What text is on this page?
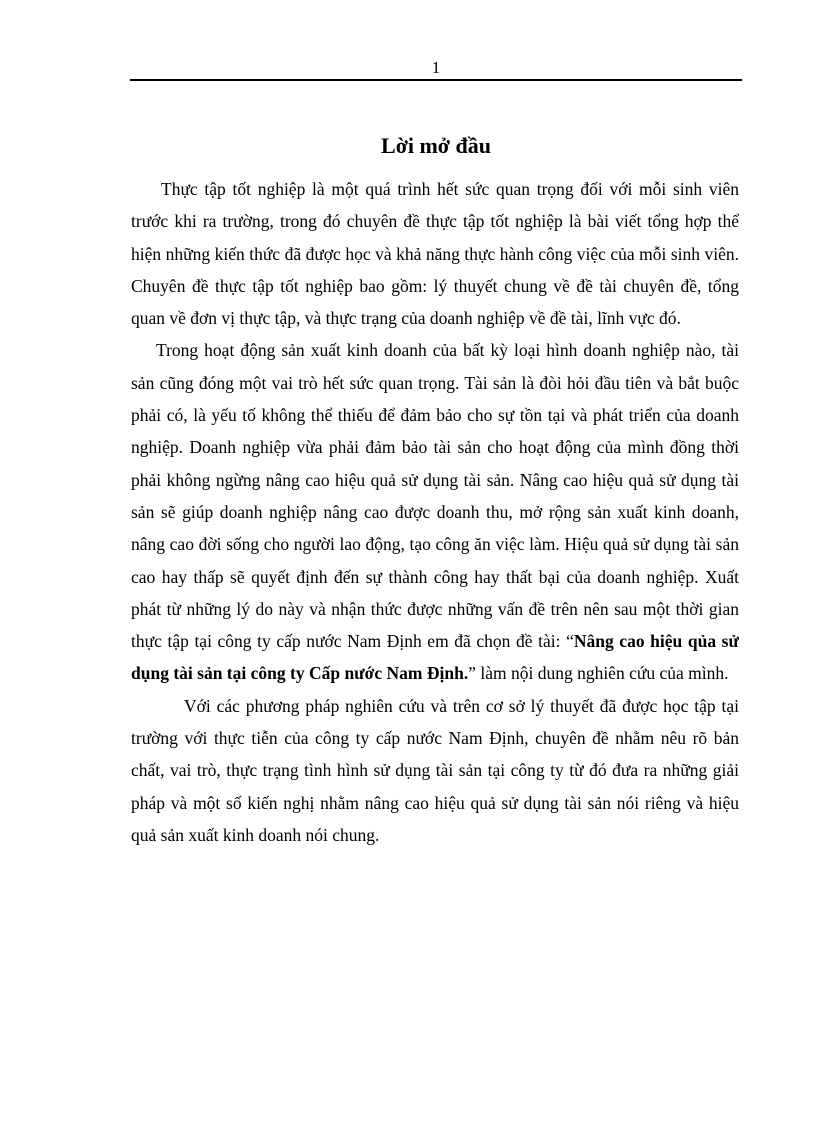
1
Lời mở đầu

Thực tập tốt nghiệp là một quá trình hết sức quan trọng đối với mỗi sinh viên trước khi ra trường, trong đó chuyên đề thực tập tốt nghiệp là bài viết tổng hợp thể hiện những kiến thức đã được học và khả năng thực hành công việc của mỗi sinh viên. Chuyên đề thực tập tốt nghiệp bao gồm: lý thuyết chung về đề tài chuyên đề, tổng quan về đơn vị thực tập, và thực trạng của doanh nghiệp về đề tài, lĩnh vực đó.

Trong hoạt động sản xuất kinh doanh của bất kỳ loại hình doanh nghiệp nào, tài sản cũng đóng một vai trò hết sức quan trọng. Tài sản là đòi hỏi đầu tiên và bắt buộc phải có, là yếu tố không thể thiếu để đảm bảo cho sự tồn tại và phát triển của doanh nghiệp. Doanh nghiệp vừa phải đảm bảo tài sản cho hoạt động của mình đồng thời phải không ngừng nâng cao hiệu quả sử dụng tài sản. Nâng cao hiệu quả sử dụng tài sản sẽ giúp doanh nghiệp nâng cao được doanh thu, mở rộng sản xuất kinh doanh, nâng cao đời sống cho người lao động, tạo công ăn việc làm. Hiệu quả sử dụng tài sản cao hay thấp sẽ quyết định đến sự thành công hay thất bại của doanh nghiệp. Xuất phát từ những lý do này và nhận thức được những vấn đề trên nên sau một thời gian thực tập tại công ty cấp nước Nam Định em đã chọn đề tài: “Nâng cao hiệu qủa sử dụng tài sản tại công ty Cấp nước Nam Định.” làm nội dung nghiên cứu của mình.

Với các phương pháp nghiên cứu và trên cơ sở lý thuyết đã được học tập tại trường với thực tiễn của công ty cấp nước Nam Định, chuyên đề nhằm nêu rõ bản chất, vai trò, thực trạng tình hình sử dụng tài sản tại công ty từ đó đưa ra những giải pháp và một số kiến nghị nhằm nâng cao hiệu quả sử dụng tài sản nói riêng và hiệu quả sản xuất kinh doanh nói chung.
